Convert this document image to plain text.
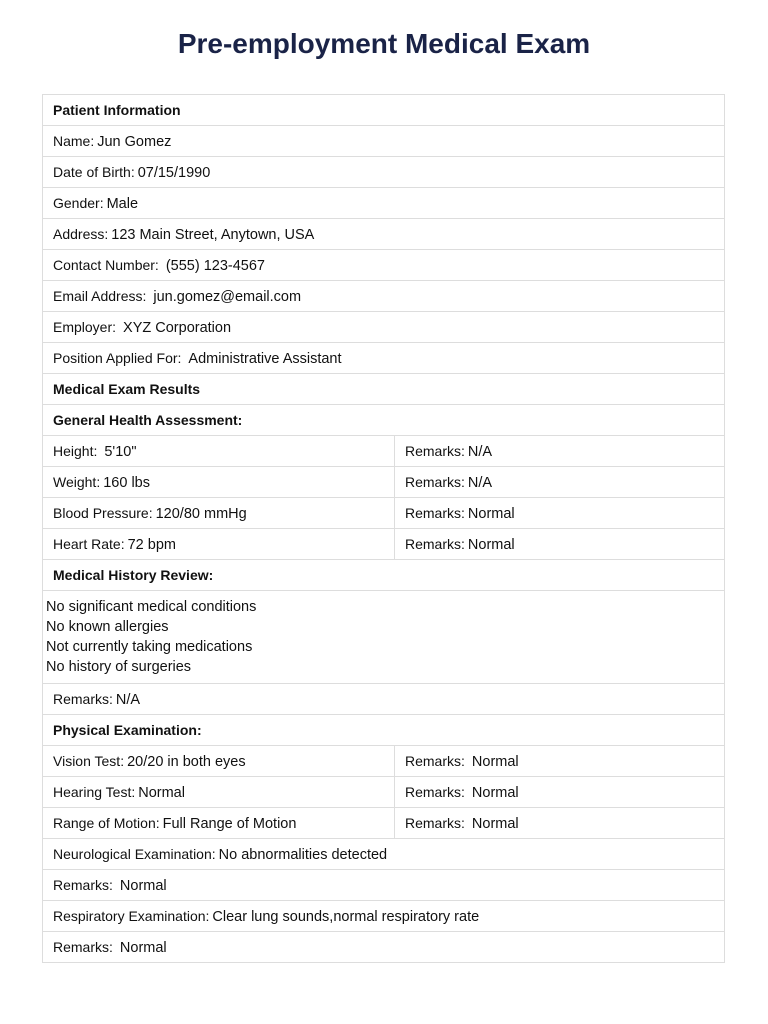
Pre-employment Medical Exam
Patient Information	
Name: Jun Gomez	
Date of Birth: 07/15/1990	
Gender: Male	
Address: 123 Main Street, Anytown, USA	
Contact Number: (555) 123-4567	
Email Address: jun.gomez@email.com	
Employer: XYZ Corporation	
Position Applied For: Administrative Assistant	
Medical Exam Results	
General Health Assessment:	
Height: 5'10"	Remarks: N/A
Weight: 160 lbs	Remarks: N/A
Blood Pressure: 120/80 mmHg	Remarks: Normal
Heart Rate: 72 bpm	Remarks: Normal
Medical History Review:	

No significant medical conditions
No known allergies
Not currently taking medications
No history of surgeries	

Remarks: N/A	
Physical Examination:	
Vision Test: 20/20 in both eyes	Remarks: Normal
Hearing Test: Normal	Remarks: Normal
Range of Motion: Full Range of Motion	Remarks: Normal
Neurological Examination: No abnormalities detected	
Remarks: Normal	
Respiratory Examination: Clear lung sounds,normal respiratory rate	
Remarks: Normal	
